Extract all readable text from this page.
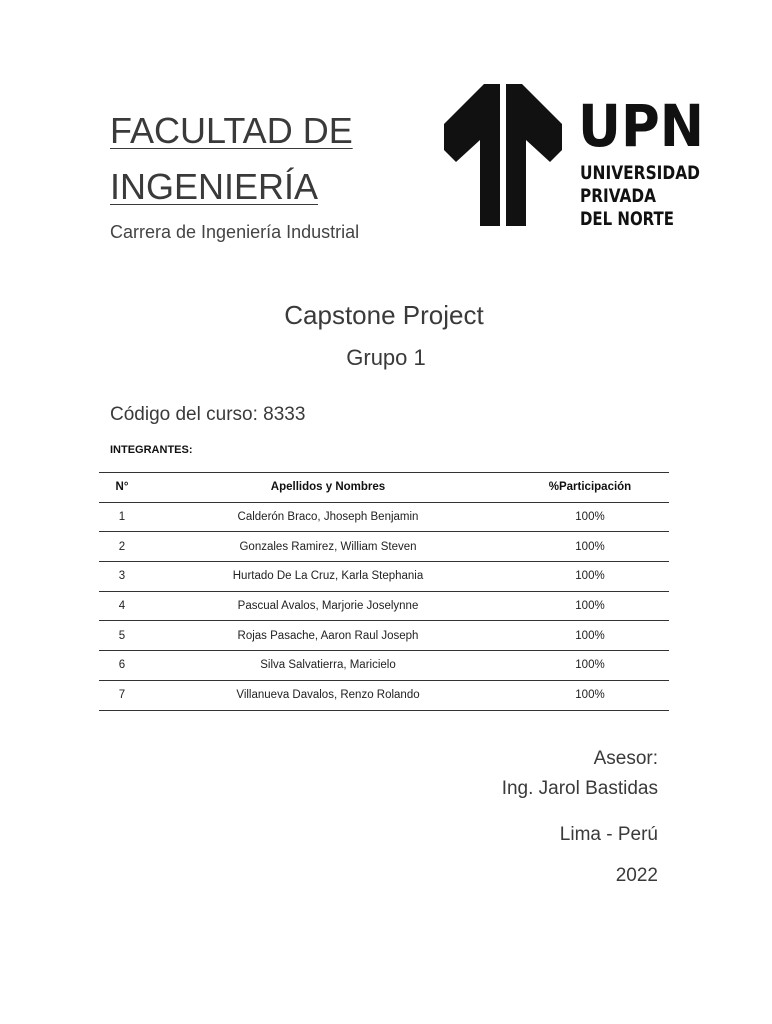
FACULTAD DE INGENIERÍA
Carrera de Ingeniería Industrial
UPN
UNIVERSIDAD
PRIVADA
DEL NORTE
Capstone Project
Grupo 1
Código del curso: 8333
INTEGRANTES:
N°	Apellidos y Nombres	%Participación
1	Calderón Braco, Jhoseph Benjamin	100%
2	Gonzales Ramirez, William Steven	100%
3	Hurtado De La Cruz, Karla Stephania	100%
4	Pascual Avalos, Marjorie Joselynne	100%
5	Rojas Pasache, Aaron Raul Joseph	100%
6	Silva Salvatierra, Maricielo	100%
7	Villanueva Davalos, Renzo Rolando	100%
Asesor:
Ing. Jarol Bastidas
Lima - Perú
2022
